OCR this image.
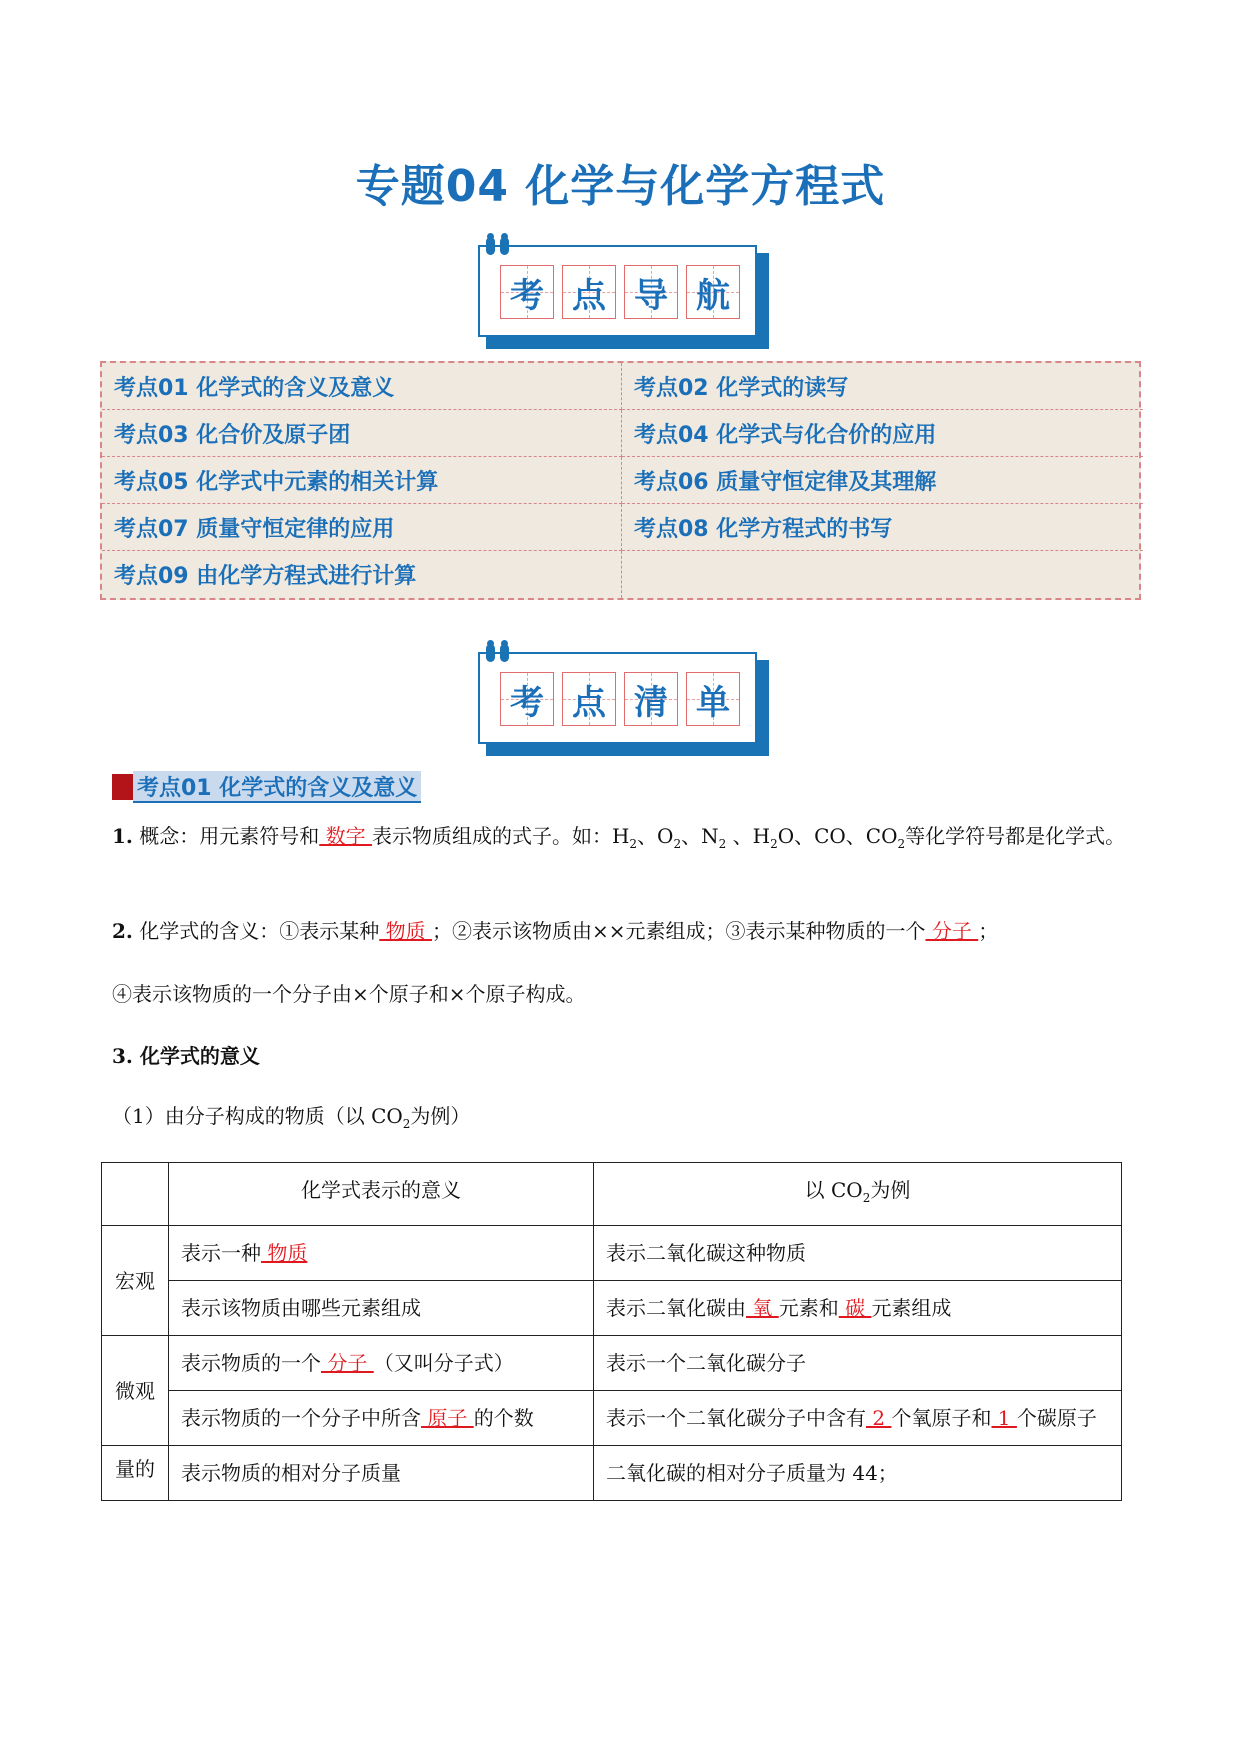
专题04 化学与化学方程式
考 点 导 航
考点01 化学式的含义及意义	考点02 化学式的读写
考点03 化合价及原子团	考点04 化学式与化合价的应用
考点05 化学式中元素的相关计算	考点06 质量守恒定律及其理解
考点07 质量守恒定律的应用	考点08 化学方程式的书写
考点09 由化学方程式进行计算
考 点 清 单
考点01 化学式的含义及意义
1. 概念：用元素符号和 数字 表示物质组成的式子。如：$H_2$、$O_2$、$N_2$ 、$H_2O$、CO、$CO_2$等化学符号都是化学式。
2. 化学式的含义：①表示某种 物质 ；②表示该物质由××元素组成；③表示某种物质的一个 分子 ；
④表示该物质的一个分子由×个原子和×个原子构成。
3. 化学式的意义
（1）由分子构成的物质（以 $CO_2$为例）
	化学式表示的意义	以 $CO_2$为例
宏观	表示一种 物质	表示二氧化碳这种物质
	表示该物质由哪些元素组成	表示二氧化碳由 氧 元素和 碳 元素组成
微观	表示物质的一个 分子 （又叫分子式）	表示一个二氧化碳分子
	表示物质的一个分子中所含 原子 的个数	表示一个二氧化碳分子中含有 2 个氧原子和 1 个碳原子
量的	表示物质的相对分子质量	二氧化碳的相对分子质量为 44；
